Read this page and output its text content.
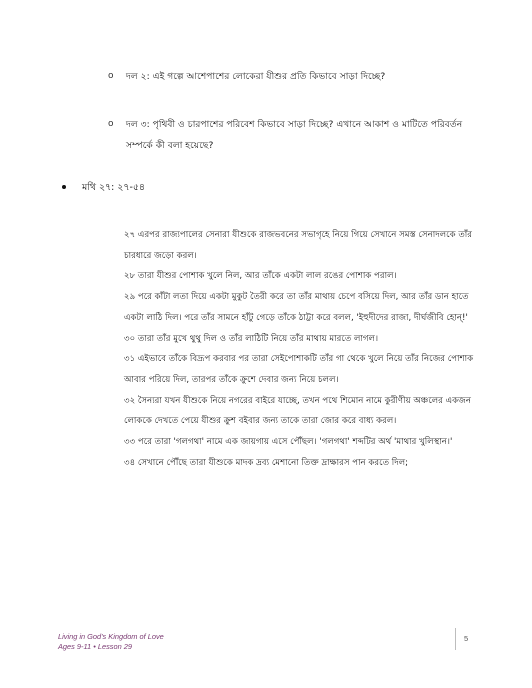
o দল ২: এই গল্পে আশেপাশের লোকেরা যীশুর প্রতি কিভাবে সাড়া দিচ্ছে?
o দল ৩: পৃথিবী ও চারপাশের পরিবেশ কিভাবে সাড়া দিচ্ছে? এখানে আকাশ ও মাটিতে পরিবর্তন সম্পর্কে কী বলা হয়েছে?
মথি ২৭: ২৭-৫৪

২৭ এরপর রাজ্যপালের সেনারা যীশুকে রাজভবনের সভাগৃহে নিয়ে গিয়ে সেখানে সমস্ত সেনাদলকে তাঁর চারধারে জড়ো করল।

২৮ তারা যীশুর পোশাক খুলে নিল, আর তাঁকে একটা লাল রঙের পোশাক পরাল।

২৯ পরে কাঁটা লতা দিয়ে একটা মুকুট তৈরী করে তা তাঁর মাথায় চেপে বসিয়ে দিল, আর তাঁর ডান হাতে একটা লাঠি দিল। পরে তাঁর সামনে হাঁটু গেড়ে তাঁকে ঠাট্টা করে বলল, 'ইহুদীদের রাজা, দীর্ঘজীবি হোন্!'

৩০ তারা তাঁর মুখে থুথু দিল ও তাঁর লাঠিটি নিয়ে তাঁর মাথায় মারতে লাগল।

৩১ এইভাবে তাঁকে বিদ্রূপ করবার পর তারা সেইপোশাকটি তাঁর গা থেকে খুলে নিয়ে তাঁর নিজের পোশাক আবার পরিয়ে দিল, তারপর তাঁকে ক্রুশে দেবার জন্য নিয়ে চলল।

৩২ সৈন্যরা যখন যীশুকে নিয়ে নগরের বাইরে যাচ্ছে, তখন পথে শিমোন নামে কুরীণীয় অঞ্চলের একজন লোককে দেখতে পেয়ে যীশুর ক্রুশ বইবার জন্য তাকে তারা জোর করে বাধ্য করল।

৩৩ পরে তারা 'গলগথা' নামে এক জায়গায় এসে পৌঁছল। 'গলগথা' শব্দটির অর্থ 'মাথার খুলিস্থান।'

৩৪ সেখানে পৌঁছে তারা যীশুকে মাদক দ্রব্য মেশানো তিক্ত দ্রাক্ষারস পান করতে দিল;

Living in God's Kingdom of Love
Ages 9-11 • Lesson 29
5
